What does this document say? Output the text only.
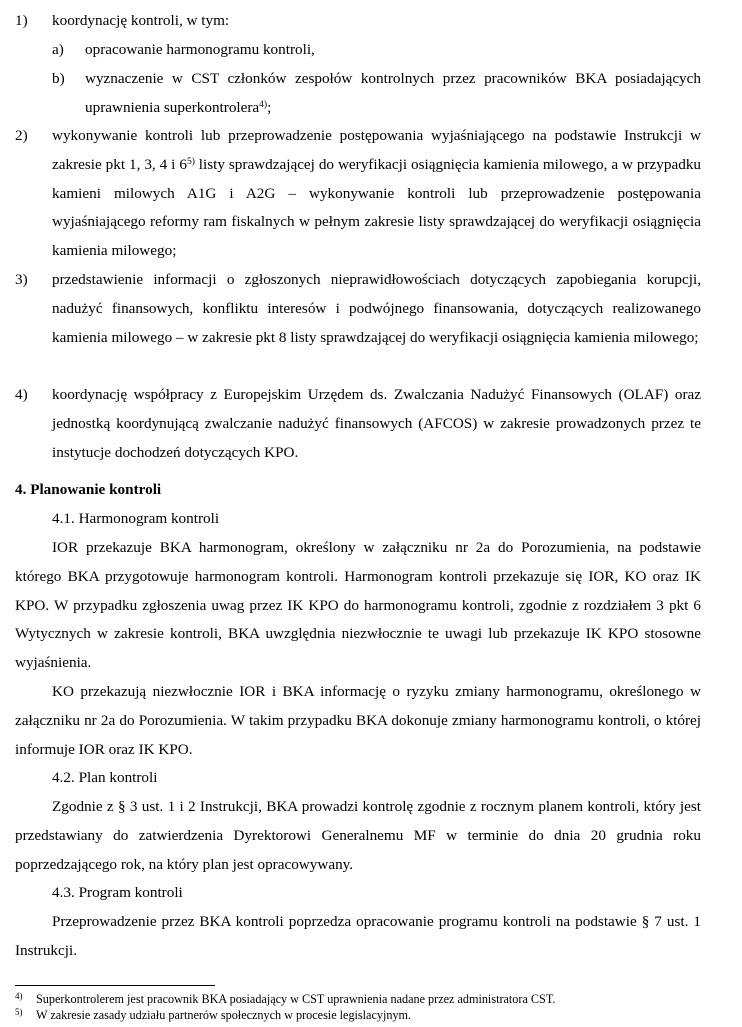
1) koordynację kontroli, w tym:
a) opracowanie harmonogramu kontroli,
b) wyznaczenie w CST członków zespołów kontrolnych przez pracowników BKA posiadających uprawnienia superkontrolera$^{4)}$;
2) wykonywanie kontroli lub przeprowadzenie postępowania wyjaśniającego na podstawie Instrukcji w zakresie pkt 1, 3, 4 i 6$^{5)}$ listy sprawdzającej do weryfikacji osiągnięcia kamienia milowego, a w przypadku kamieni milowych A1G i A2G – wykonywanie kontroli lub przeprowadzenie postępowania wyjaśniającego reformy ram fiskalnych w pełnym zakresie listy sprawdzającej do weryfikacji osiągnięcia kamienia milowego;
3) przedstawienie informacji o zgłoszonych nieprawidłowościach dotyczących zapobiegania korupcji, nadużyć finansowych, konfliktu interesów i podwójnego finansowania, dotyczących realizowanego kamienia milowego – w zakresie pkt 8 listy sprawdzającej do weryfikacji osiągnięcia kamienia milowego;
4) koordynację współpracy z Europejskim Urzędem ds. Zwalczania Nadużyć Finansowych (OLAF) oraz jednostką koordynującą zwalczanie nadużyć finansowych (AFCOS) w zakresie prowadzonych przez te instytucje dochodzeń dotyczących KPO.
4. Planowanie kontroli
4.1. Harmonogram kontroli
IOR przekazuje BKA harmonogram, określony w załączniku nr 2a do Porozumienia, na podstawie którego BKA przygotowuje harmonogram kontroli. Harmonogram kontroli przekazuje się IOR, KO oraz IK KPO. W przypadku zgłoszenia uwag przez IK KPO do harmonogramu kontroli, zgodnie z rozdziałem 3 pkt 6 Wytycznych w zakresie kontroli, BKA uwzględnia niezwłocznie te uwagi lub przekazuje IK KPO stosowne wyjaśnienia.
KO przekazują niezwłocznie IOR i BKA informację o ryzyku zmiany harmonogramu, określonego w załączniku nr 2a do Porozumienia. W takim przypadku BKA dokonuje zmiany harmonogramu kontroli, o której informuje IOR oraz IK KPO.
4.2. Plan kontroli
Zgodnie z § 3 ust. 1 i 2 Instrukcji, BKA prowadzi kontrolę zgodnie z rocznym planem kontroli, który jest przedstawiany do zatwierdzenia Dyrektorowi Generalnemu MF w terminie do dnia 20 grudnia roku poprzedzającego rok, na który plan jest opracowywany.
4.3. Program kontroli
Przeprowadzenie przez BKA kontroli poprzedza opracowanie programu kontroli na podstawie § 7 ust. 1 Instrukcji.
4) Superkontrolerem jest pracownik BKA posiadający w CST uprawnienia nadane przez administratora CST.
5) W zakresie zasady udziału partnerów społecznych w procesie legislacyjnym.
